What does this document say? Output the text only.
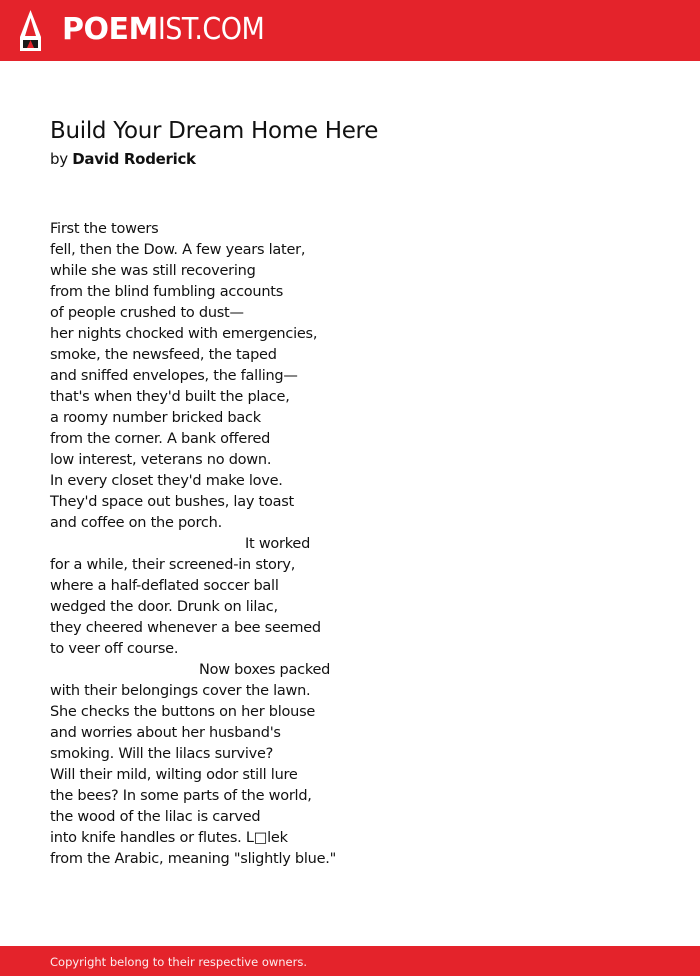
POEMIST.COM
Build Your Dream Home Here
by David Roderick
First the towers
fell, then the Dow. A few years later,
while she was still recovering
from the blind fumbling accounts
of people crushed to dust—
her nights chocked with emergencies,
smoke, the newsfeed, the taped
and sniffed envelopes, the falling—
that's when they'd built the place,
a roomy number bricked back
from the corner. A bank offered
low interest, veterans no down.
In every closet they'd make love.
They'd space out bushes, lay toast
and coffee on the porch.
It worked
for a while, their screened-in story,
where a half-deflated soccer ball
wedged the door. Drunk on lilac,
they cheered whenever a bee seemed
to veer off course.
Now boxes packed
with their belongings cover the lawn.
She checks the buttons on her blouse
and worries about her husband's
smoking. Will the lilacs survive?
Will their mild, wilting odor still lure
the bees? In some parts of the world,
the wood of the lilac is carved
into knife handles or flutes. L□lek
from the Arabic, meaning "slightly blue."
Copyright belong to their respective owners.
